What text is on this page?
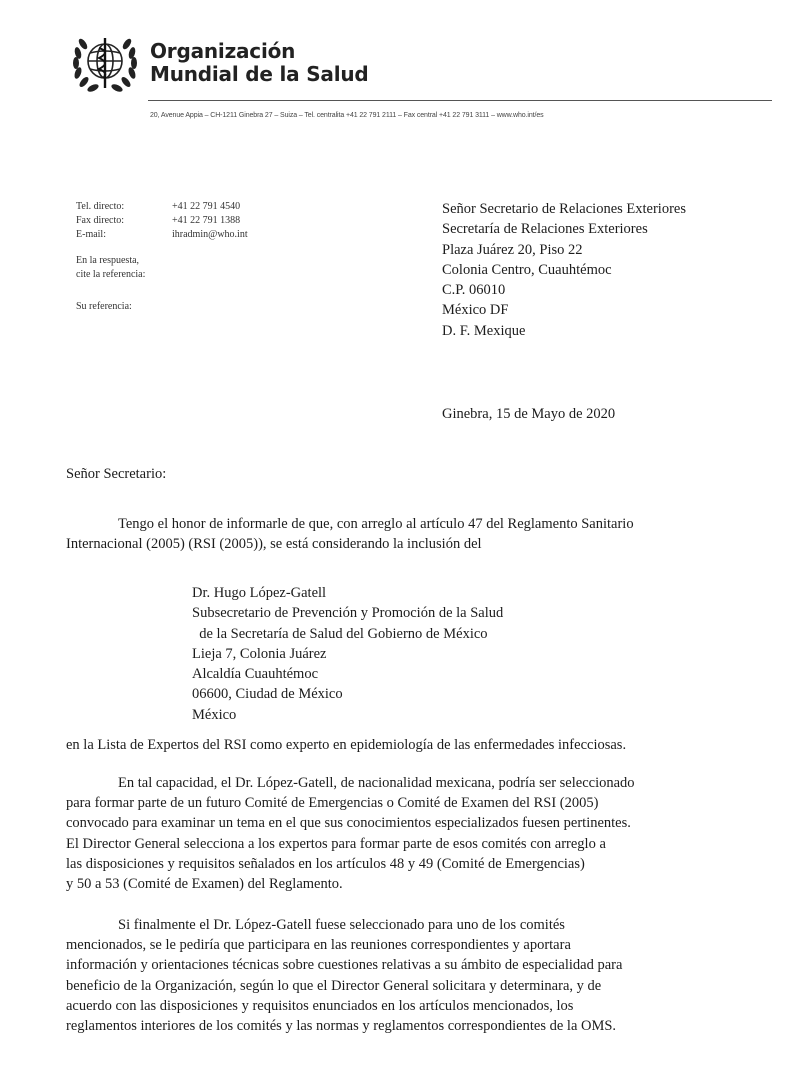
Organización
Mundial de la Salud
20, Avenue Appia – CH-1211 Ginebra 27 – Suiza – Tel. centralita +41 22 791 2111 – Fax central +41 22 791 3111 – www.who.int/es
Tel. directo:	+41 22 791 4540
Fax directo:	+41 22 791 1388
E-mail:	ihradmin@who.int
En la respuesta,
cite la referencia:
Su referencia:
Señor Secretario de Relaciones Exteriores
Secretaría de Relaciones Exteriores
Plaza Juárez 20, Piso 22
Colonia Centro, Cuauhtémoc
C.P. 06010
México DF
D. F. Mexique
Ginebra, 15 de Mayo de 2020
Señor Secretario:
Tengo el honor de informarle de que, con arreglo al artículo 47 del Reglamento Sanitario
Internacional (2005) (RSI (2005)), se está considerando la inclusión del
Dr. Hugo López-Gatell
Subsecretario de Prevención y Promoción de la Salud
de la Secretaría de Salud del Gobierno de México
Lieja 7, Colonia Juárez
Alcaldía Cuauhtémoc
06600, Ciudad de México
México
en la Lista de Expertos del RSI como experto en epidemiología de las enfermedades infecciosas.
En tal capacidad, el Dr. López-Gatell, de nacionalidad mexicana, podría ser seleccionado
para formar parte de un futuro Comité de Emergencias o Comité de Examen del RSI (2005)
convocado para examinar un tema en el que sus conocimientos especializados fuesen pertinentes.
El Director General selecciona a los expertos para formar parte de esos comités con arreglo a
las disposiciones y requisitos señalados en los artículos 48 y 49 (Comité de Emergencias)
y 50 a 53 (Comité de Examen) del Reglamento.
Si finalmente el Dr. López-Gatell fuese seleccionado para uno de los comités
mencionados, se le pediría que participara en las reuniones correspondientes y aportara
información y orientaciones técnicas sobre cuestiones relativas a su ámbito de especialidad para
beneficio de la Organización, según lo que el Director General solicitara y determinara, y de
acuerdo con las disposiciones y requisitos enunciados en los artículos mencionados, los
reglamentos interiores de los comités y las normas y reglamentos correspondientes de la OMS.
